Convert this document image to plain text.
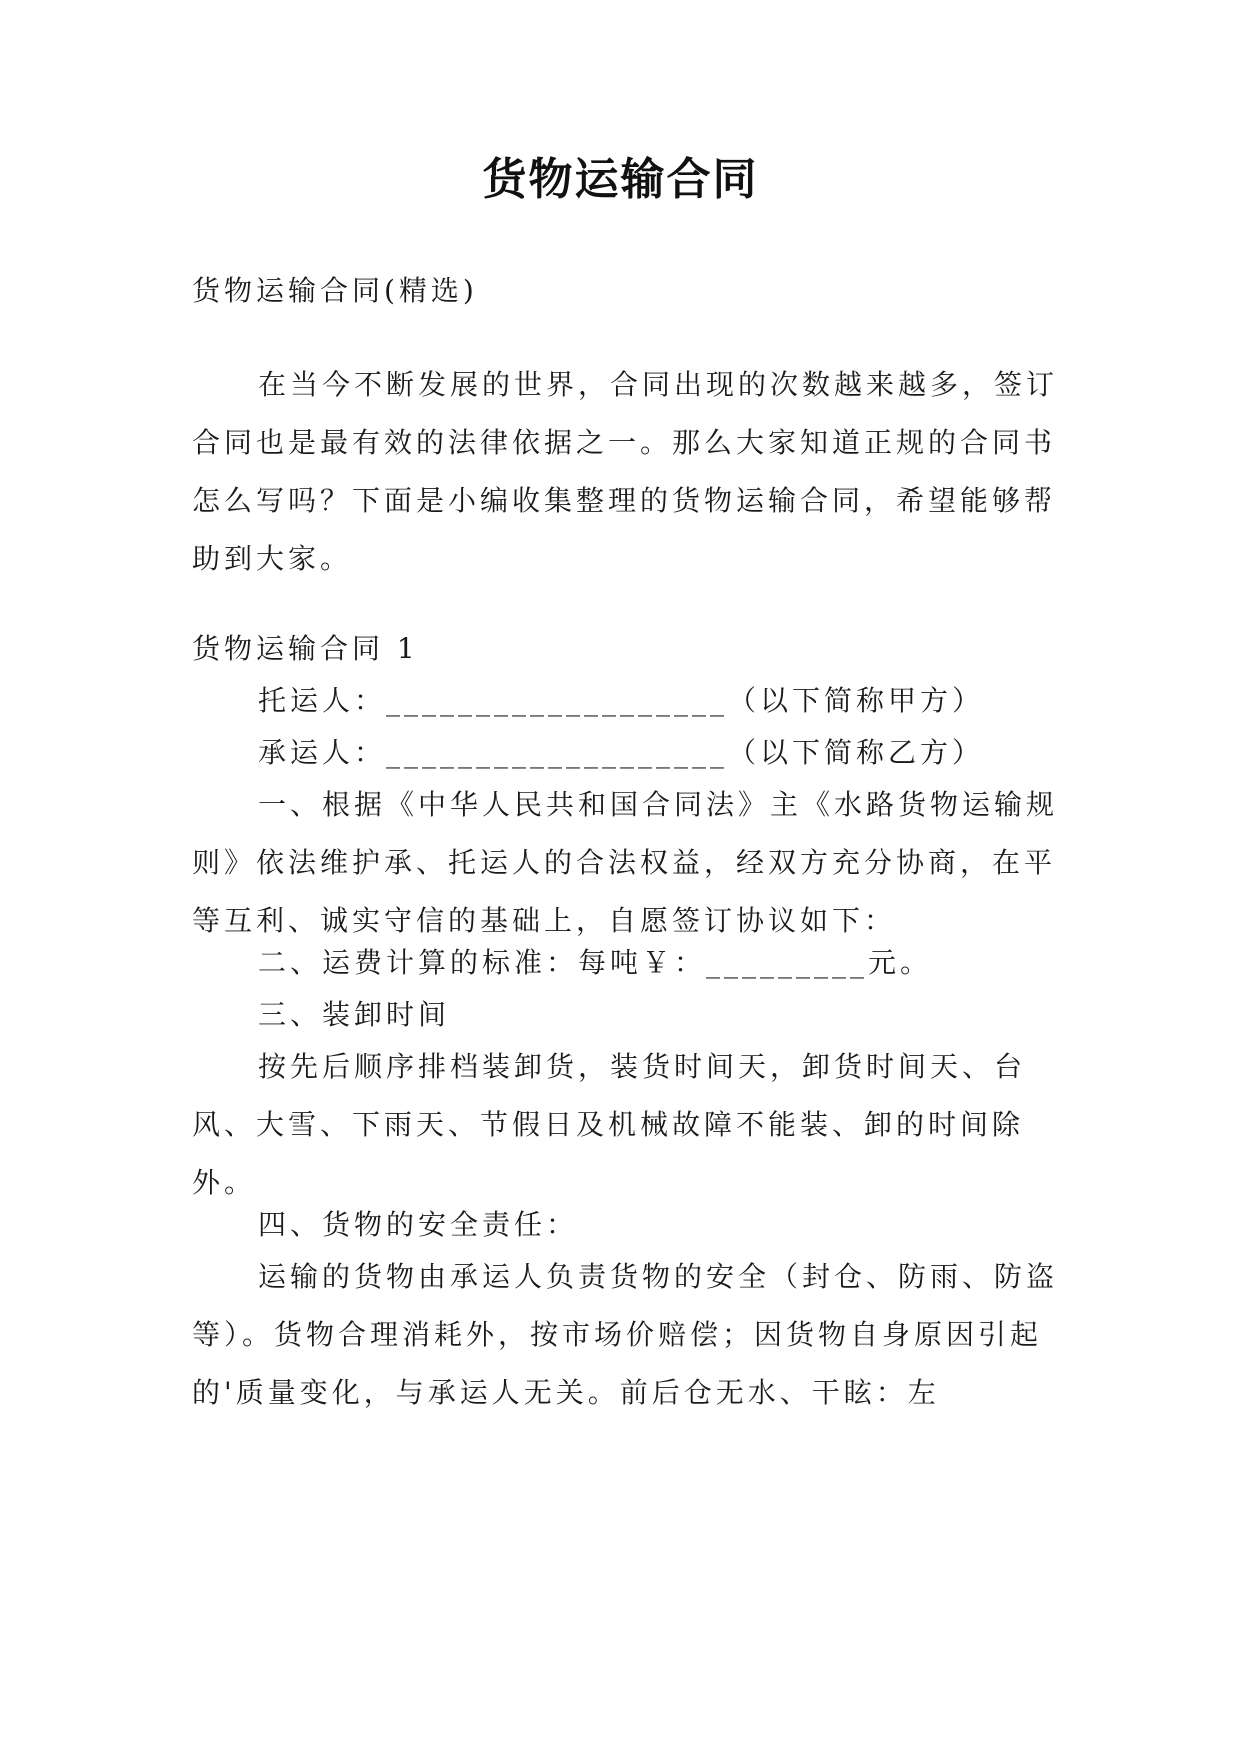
货物运输合同

货物运输合同(精选)

在当今不断发展的世界，合同出现的次数越来越多，签订合同也是最有效的法律依据之一。那么大家知道正规的合同书怎么写吗？下面是小编收集整理的货物运输合同，希望能够帮助到大家。

货物运输合同 1

托运人：___________________（以下简称甲方）

承运人：___________________（以下简称乙方）

一、根据《中华人民共和国合同法》主《水路货物运输规则》依法维护承、托运人的合法权益，经双方充分协商，在平等互利、诚实守信的基础上，自愿签订协议如下：

二、运费计算的标准：每吨￥：_________元。

三、装卸时间

按先后顺序排档装卸货，装货时间天，卸货时间天、台风、大雪、下雨天、节假日及机械故障不能装、卸的时间除外。

四、货物的安全责任：

运输的货物由承运人负责货物的安全（封仓、防雨、防盗等）。货物合理消耗外，按市场价赔偿；因货物自身原因引起的'质量变化，与承运人无关。前后仓无水、干眩：左
